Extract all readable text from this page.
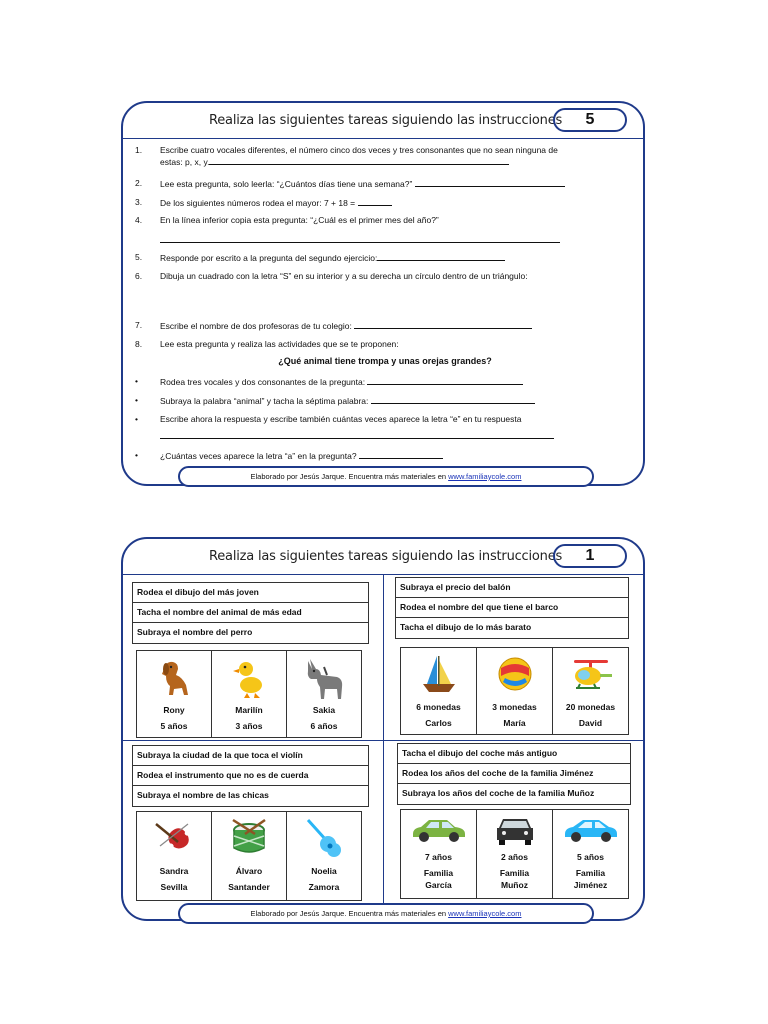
Realiza las siguientes tareas siguiendo las instrucciones	5
1. Escribe cuatro vocales diferentes, el número cinco dos veces y tres consonantes que no sean ninguna de
estas: p, x, y.
2. Lee esta pregunta, solo leerla: “¿Cuántos días tiene una semana?”
3. De los siguientes números rodea el mayor: 7 + 18 =
4. En la línea inferior copia esta pregunta: “¿Cuál es el primer mes del año?”
5. Responde por escrito a la pregunta del segundo ejercicio:
6. Dibuja un cuadrado con la letra “S” en su interior y a su derecha un círculo dentro de un triángulo:
7. Escribe el nombre de dos profesoras de tu colegio:
8. Lee esta pregunta y realiza las actividades que se te proponen:
¿Qué animal tiene trompa y unas orejas grandes?
•	Rodea tres vocales y dos consonantes de la pregunta:
•	Subraya la palabra “animal” y tacha la séptima palabra:
•	Escribe ahora la respuesta y escribe también cuántas veces aparece la letra “e” en tu respuesta
•	¿Cuántas veces aparece la letra “a” en la pregunta?
Elaborado por Jesús Jarque. Encuentra más materiales en www.familiaycole.com
Realiza las siguientes tareas siguiendo las instrucciones	1
Rodea el dibujo del más joven
Tacha el nombre del animal de más edad
Subraya el nombre del perro
Rony
5 años
Marilín
3 años
Sakia
6 años
Subraya el precio del balón
Rodea el nombre del que tiene el barco
Tacha el dibujo de lo más barato
6 monedas
Carlos
3 monedas
María
20 monedas
David
Subraya la ciudad de la que toca el violín
Rodea el instrumento que no es de cuerda
Subraya el nombre de las chicas
Sandra
Sevilla
Álvaro
Santander
Noelia
Zamora
Tacha el dibujo del coche más antiguo
Rodea los años del coche de la familia Jiménez
Subraya los años del coche de la familia Muñoz
7 años
Familia
García
2 años
Familia
Muñoz
5 años
Familia
Jiménez
Elaborado por Jesús Jarque. Encuentra más materiales en www.familiaycole.com
